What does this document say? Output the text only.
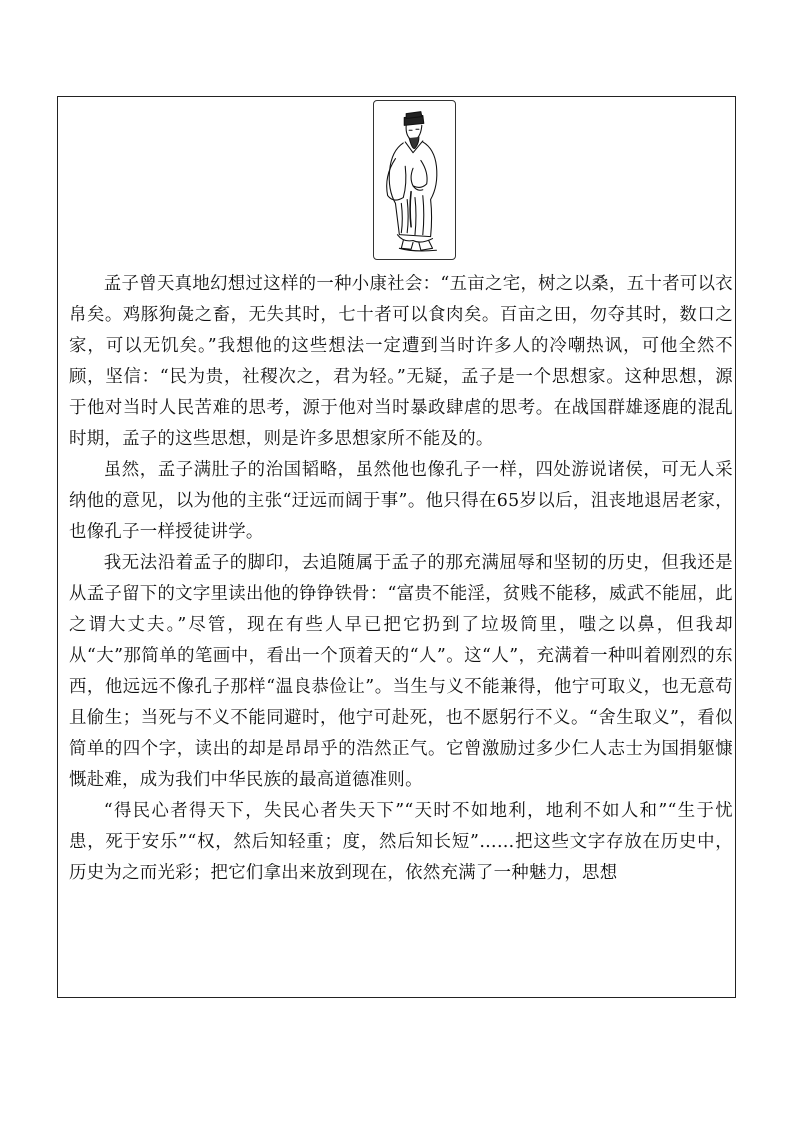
孟子曾天真地幻想过这样的一种小康社会：“五亩之宅，树之以桑，五十者可以衣帛矣。鸡豚狗彘之畜，无失其时，七十者可以食肉矣。百亩之田，勿夺其时，数口之家，可以无饥矣。”我想他的这些想法一定遭到当时许多人的冷嘲热讽，可他全然不顾，坚信：“民为贵，社稷次之，君为轻。”无疑，孟子是一个思想家。这种思想，源于他对当时人民苦难的思考，源于他对当时暴政肆虐的思考。在战国群雄逐鹿的混乱时期，孟子的这些思想，则是许多思想家所不能及的。

虽然，孟子满肚子的治国韬略，虽然他也像孔子一样，四处游说诸侯，可无人采纳他的意见，以为他的主张“迂远而阔于事”。他只得在65岁以后，沮丧地退居老家，也像孔子一样授徒讲学。

我无法沿着孟子的脚印，去追随属于孟子的那充满屈辱和坚韧的历史，但我还是从孟子留下的文字里读出他的铮铮铁骨：“富贵不能淫，贫贱不能移，威武不能屈，此之谓大丈夫。”尽管，现在有些人早已把它扔到了垃圾筒里，嗤之以鼻，但我却从“大”那简单的笔画中，看出一个顶着天的“人”。这“人”，充满着一种叫着刚烈的东西，他远远不像孔子那样“温良恭俭让”。当生与义不能兼得，他宁可取义，也无意苟且偷生；当死与不义不能同避时，他宁可赴死，也不愿躬行不义。“舍生取义”，看似简单的四个字，读出的却是昂昂乎的浩然正气。它曾激励过多少仁人志士为国捐躯慷慨赴难，成为我们中华民族的最高道德准则。

“得民心者得天下，失民心者失天下”“天时不如地利，地利不如人和”“生于忧患，死于安乐”“权，然后知轻重；度，然后知长短”……把这些文字存放在历史中，历史为之而光彩；把它们拿出来放到现在，依然充满了一种魅力，思想
